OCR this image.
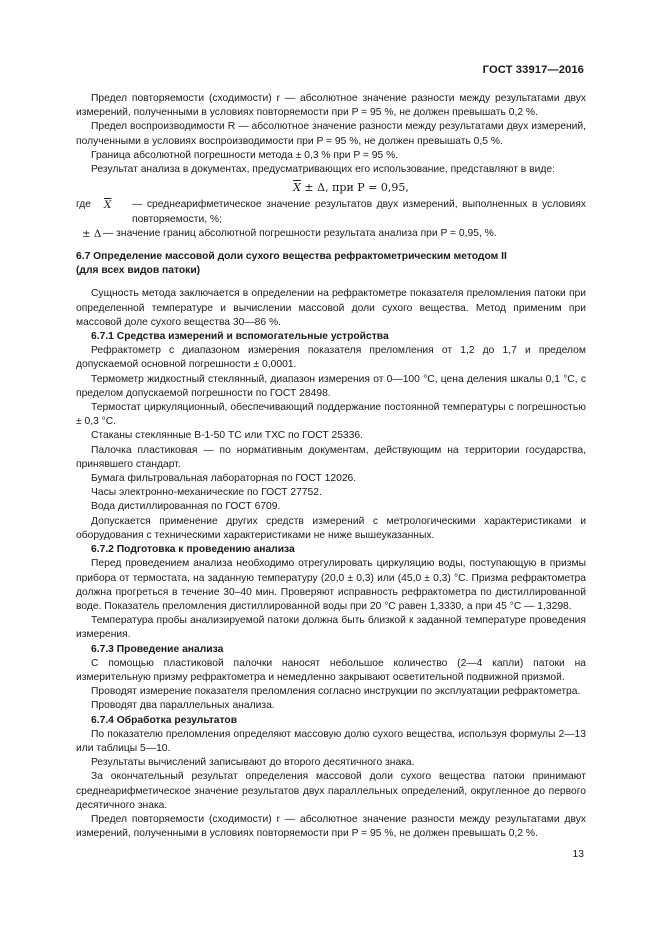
ГОСТ 33917—2016

Предел повторяемости (сходимости) r — абсолютное значение разности между результатами двух измерений, полученными в условиях повторяемости при P = 95 %, не должен превышать 0,2 %.

Предел воспроизводимости R — абсолютное значение разности между результатами двух измерений, полученными в условиях воспроизводимости при P = 95 %, не должен превышать 0,5 %.

Граница абсолютной погрешности метода ± 0,3 % при P = 95 %.

Результат анализа в документах, предусматривающих его использование, представляют в виде:

$\overline{X} \pm \Delta$, при P = 0,95,
где	$\overline{X}$	— среднеарифметическое значение результатов двух измерений, выполненных в условиях повторяемости, %;
± Δ — значение границ абсолютной погрешности результата анализа при P = 0,95, %.
6.7 Определение массовой доли сухого вещества рефрактометрическим методом II
(для всех видов патоки)

Сущность метода заключается в определении на рефрактометре показателя преломления патоки при определенной температуре и вычислении массовой доли сухого вещества. Метод применим при массовой доле сухого вещества 30—86 %.

6.7.1 Средства измерений и вспомогательные устройства

Рефрактометр с диапазоном измерения показателя преломления от 1,2 до 1,7 и пределом допускаемой основной погрешности ± 0,0001.

Термометр жидкостный стеклянный, диапазон измерения от 0—100 °С, цена деления шкалы 0,1 °С, с пределом допускаемой погрешности по ГОСТ 28498.

Термостат циркуляционный, обеспечивающий поддержание постоянной температуры с погрешностью ± 0,3 °С.

Стаканы стеклянные В-1-50 ТС или ТХС по ГОСТ 25336.

Палочка пластиковая — по нормативным документам, действующим на территории государства, принявшего стандарт.

Бумага фильтровальная лабораторная по ГОСТ 12026.

Часы электронно-механические по ГОСТ 27752.

Вода дистиллированная по ГОСТ 6709.

Допускается применение других средств измерений с метрологическими характеристиками и оборудования с техническими характеристиками не ниже вышеуказанных.

6.7.2 Подготовка к проведению анализа

Перед проведением анализа необходимо отрегулировать циркуляцию воды, поступающую в призмы прибора от термостата, на заданную температуру (20,0 ± 0,3) или (45,0 ± 0,3) °С. Призма рефрактометра должна прогреться в течение 30–40 мин. Проверяют исправность рефрактометра по дистиллированной воде. Показатель преломления дистиллированной воды при 20 °С равен 1,3330, а при 45 °С — 1,3298.

Температура пробы анализируемой патоки должна быть близкой к заданной температуре проведения измерения.

6.7.3 Проведение анализа

С помощью пластиковой палочки наносят небольшое количество (2—4 капли) патоки на измерительную призму рефрактометра и немедленно закрывают осветительной подвижной призмой.

Проводят измерение показателя преломления согласно инструкции по эксплуатации рефрактометра.

Проводят два параллельных анализа.

6.7.4 Обработка результатов

По показателю преломления определяют массовую долю сухого вещества, используя формулы 2—13 или таблицы 5—10.

Результаты вычислений записывают до второго десятичного знака.

За окончательный результат определения массовой доли сухого вещества патоки принимают среднеарифметическое значение результатов двух параллельных определений, округленное до первого десятичного знака.

Предел повторяемости (сходимости) r — абсолютное значение разности между результатами двух измерений, полученными в условиях повторяемости при P = 95 %, не должен превышать 0,2 %.

13
